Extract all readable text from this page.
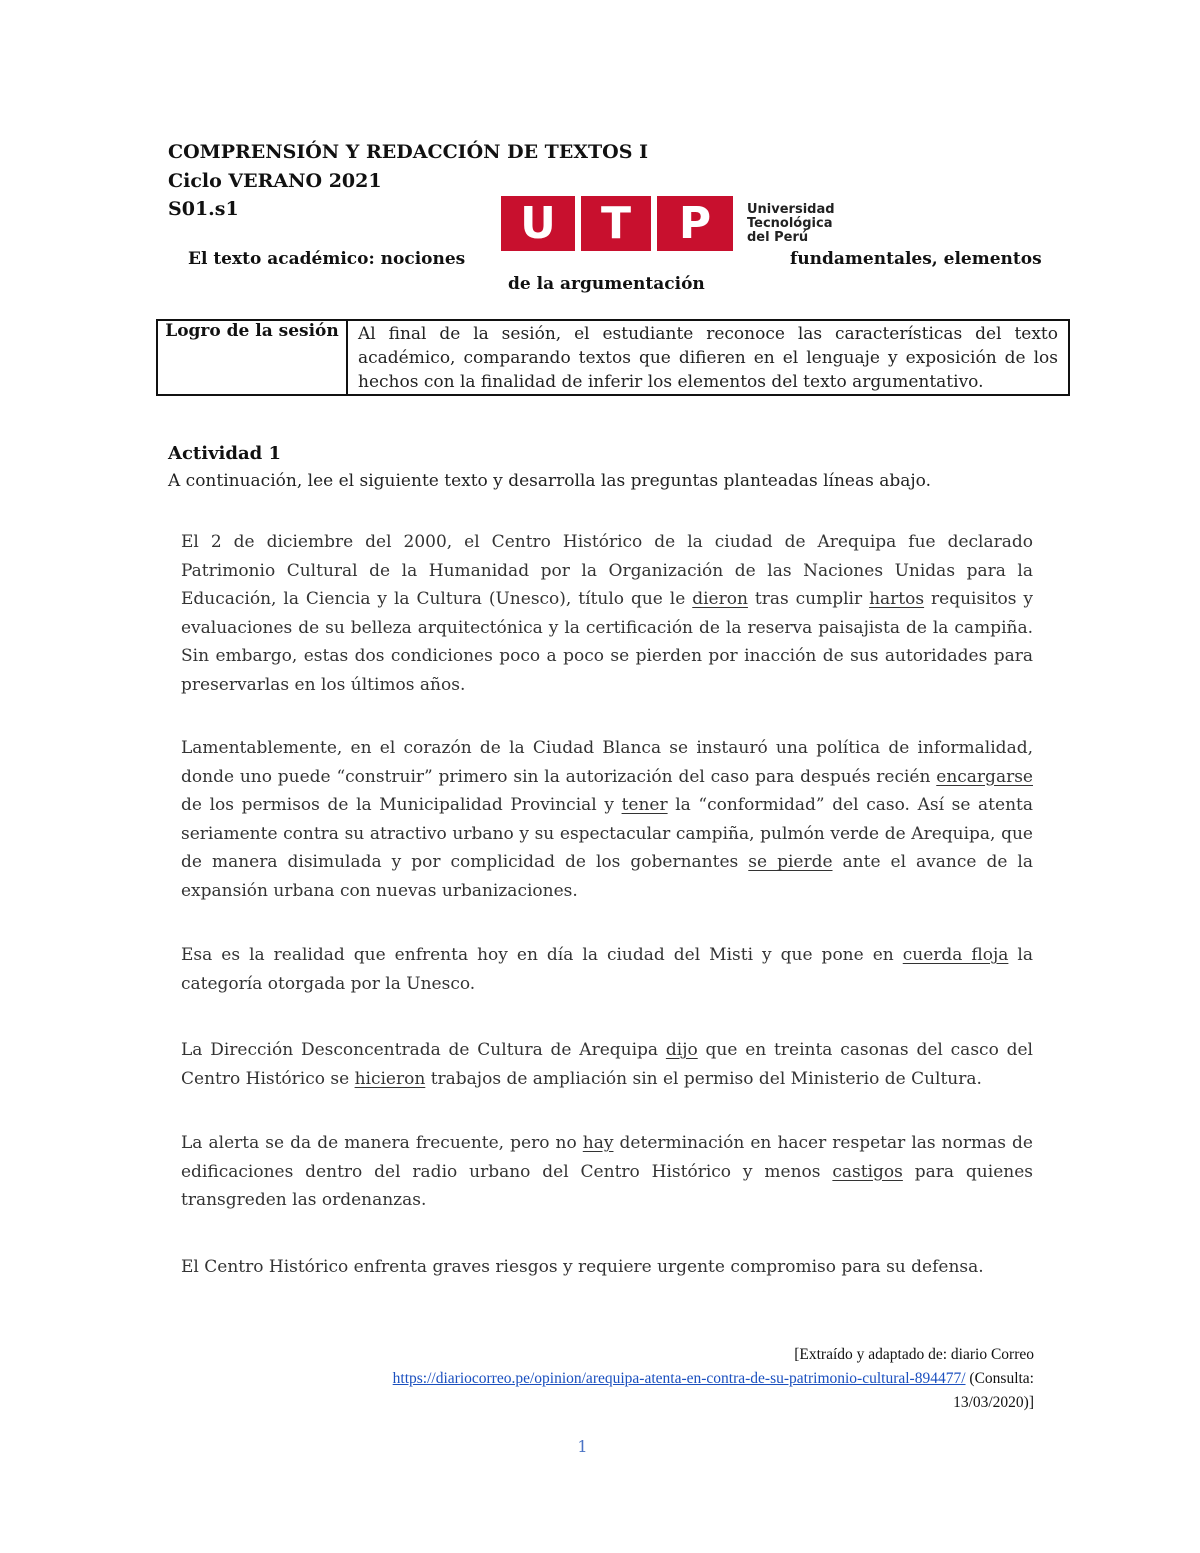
COMPRENSIÓN Y REDACCIÓN DE TEXTOS I
Ciclo VERANO 2021
S01.s1	U	T	P	Universidad
Tecnológica
del Perú
El texto académico: nociones	fundamentales, elementos
de la argumentación
Logro de la sesión	Al final de la sesión, el estudiante reconoce las características del texto académico, comparando textos que difieren en el lenguaje y exposición de los hechos con la finalidad de inferir los elementos del texto argumentativo.
Actividad 1
A continuación, lee el siguiente texto y desarrolla las preguntas planteadas líneas abajo.
El 2 de diciembre del 2000, el Centro Histórico de la ciudad de Arequipa fue declarado Patrimonio Cultural de la Humanidad por la Organización de las Naciones Unidas para la Educación, la Ciencia y la Cultura (Unesco), título que le dieron tras cumplir hartos requisitos y evaluaciones de su belleza arquitectónica y la certificación de la reserva paisajista de la campiña. Sin embargo, estas dos condiciones poco a poco se pierden por inacción de sus autoridades para preservarlas en los últimos años.
Lamentablemente, en el corazón de la Ciudad Blanca se instauró una política de informalidad, donde uno puede “construir” primero sin la autorización del caso para después recién encargarse de los permisos de la Municipalidad Provincial y tener la “conformidad” del caso. Así se atenta seriamente contra su atractivo urbano y su espectacular campiña, pulmón verde de Arequipa, que de manera disimulada y por complicidad de los gobernantes se pierde ante el avance de la expansión urbana con nuevas urbanizaciones.
Esa es la realidad que enfrenta hoy en día la ciudad del Misti y que pone en cuerda floja la categoría otorgada por la Unesco.
La Dirección Desconcentrada de Cultura de Arequipa dijo que en treinta casonas del casco del Centro Histórico se hicieron trabajos de ampliación sin el permiso del Ministerio de Cultura.
La alerta se da de manera frecuente, pero no hay determinación en hacer respetar las normas de edificaciones dentro del radio urbano del Centro Histórico y menos castigos para quienes transgreden las ordenanzas.
El Centro Histórico enfrenta graves riesgos y requiere urgente compromiso para su defensa.
[Extraído y adaptado de: diario Correo
https://diariocorreo.pe/opinion/arequipa-atenta-en-contra-de-su-patrimonio-cultural-894477/ (Consulta:
13/03/2020)]
1
